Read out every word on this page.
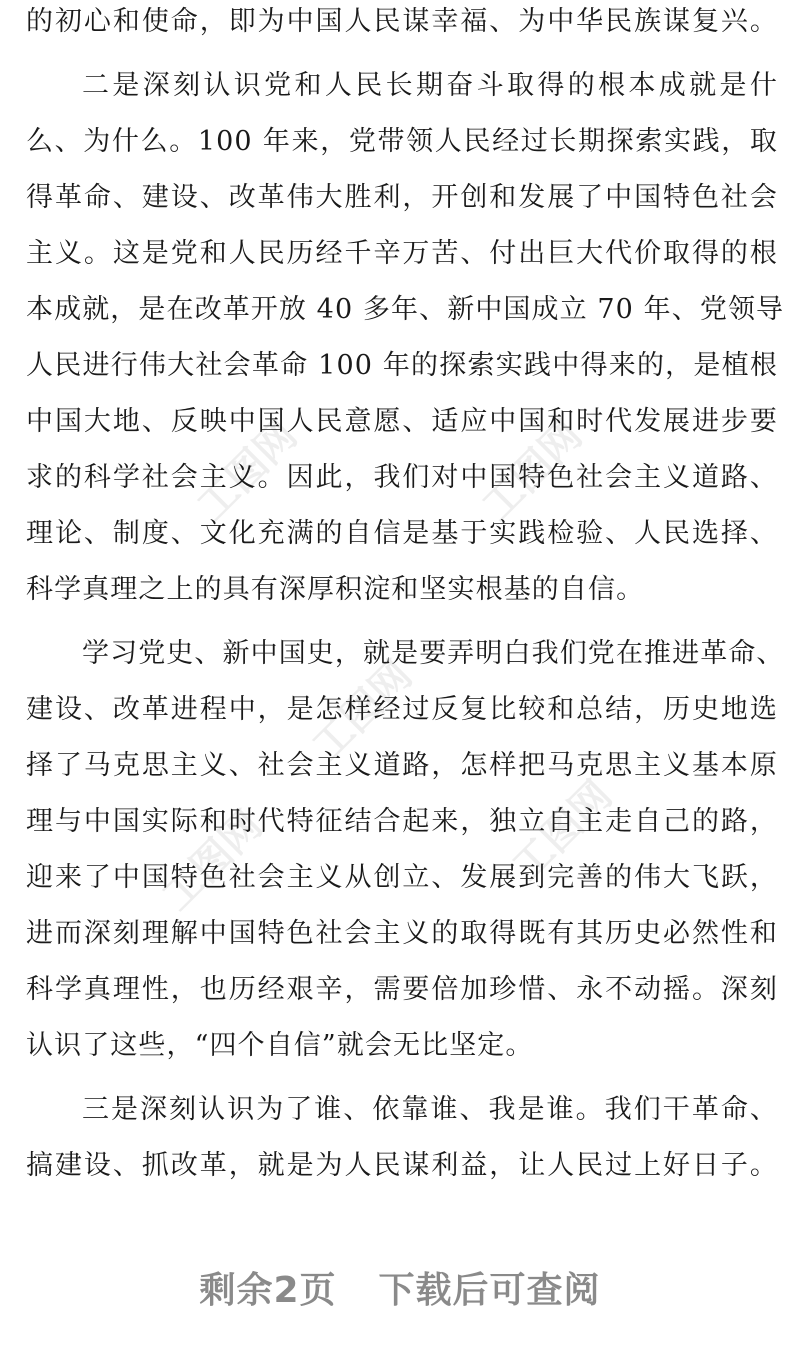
工图网	工图网
工图网
工图网	工图网
的初心和使命，即为中国人民谋幸福、为中华民族谋复兴。
二是深刻认识党和人民长期奋斗取得的根本成就是什
么、为什么。100 年来，党带领人民经过长期探索实践，取
得革命、建设、改革伟大胜利，开创和发展了中国特色社会
主义。这是党和人民历经千辛万苦、付出巨大代价取得的根
本成就，是在改革开放 40 多年、新中国成立 70 年、党领导
人民进行伟大社会革命 100 年的探索实践中得来的，是植根
中国大地、反映中国人民意愿、适应中国和时代发展进步要
求的科学社会主义。因此，我们对中国特色社会主义道路、
理论、制度、文化充满的自信是基于实践检验、人民选择、
科学真理之上的具有深厚积淀和坚实根基的自信。
学习党史、新中国史，就是要弄明白我们党在推进革命、
建设、改革进程中，是怎样经过反复比较和总结，历史地选
择了马克思主义、社会主义道路，怎样把马克思主义基本原
理与中国实际和时代特征结合起来，独立自主走自己的路，
迎来了中国特色社会主义从创立、发展到完善的伟大飞跃，
进而深刻理解中国特色社会主义的取得既有其历史必然性和
科学真理性，也历经艰辛，需要倍加珍惜、永不动摇。深刻
认识了这些，“四个自信”就会无比坚定。
三是深刻认识为了谁、依靠谁、我是谁。我们干革命、
搞建设、抓改革，就是为人民谋利益，让人民过上好日子。
剩余2页 下载后可查阅
